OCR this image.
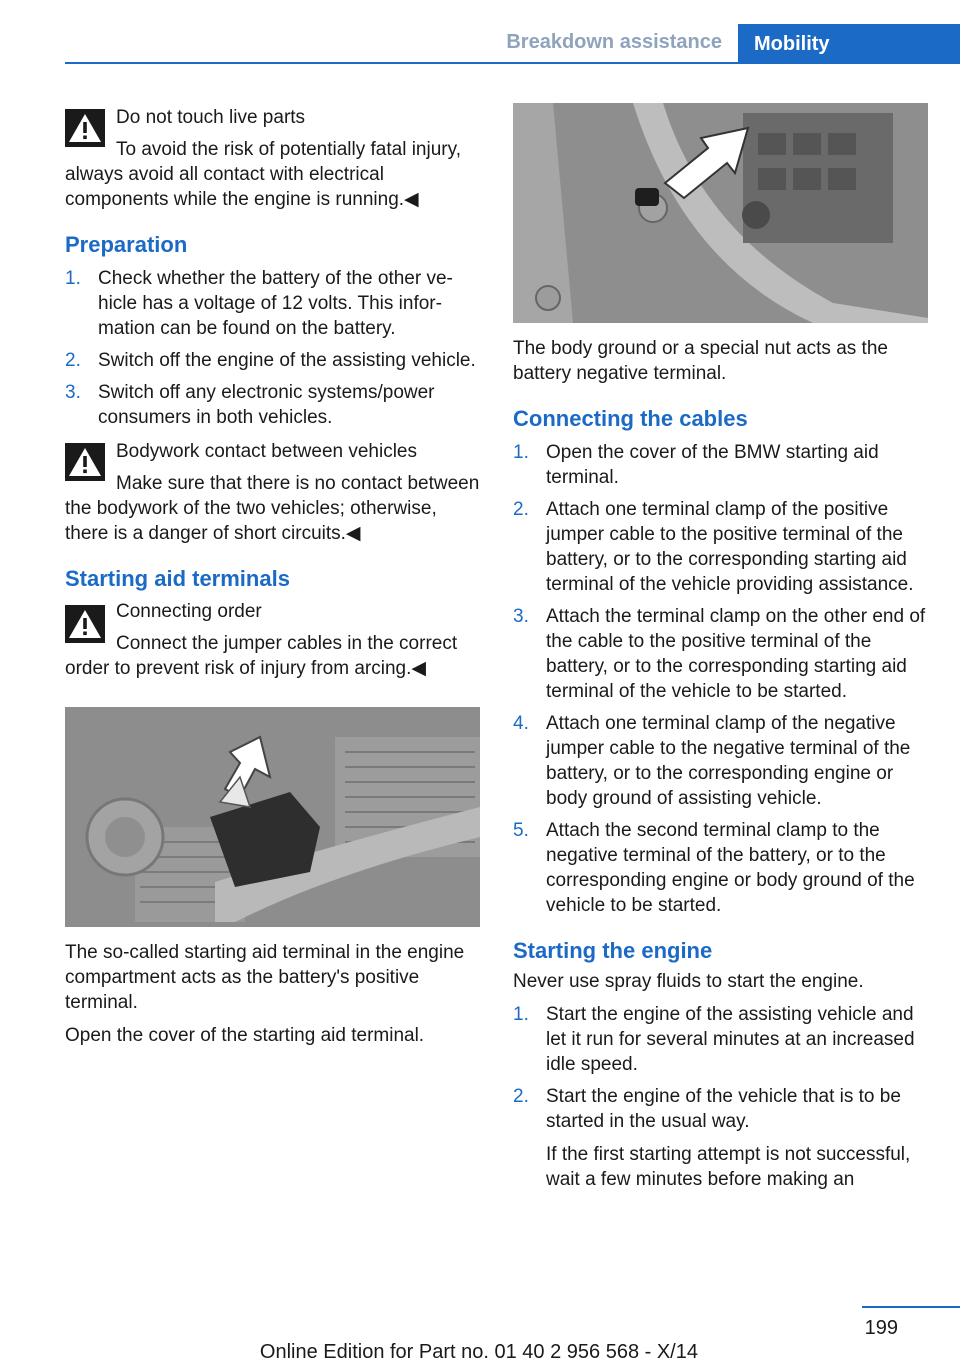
Breakdown assistance	Mobility

Do not touch live parts

To avoid the risk of potentially fatal injury, always avoid all contact with electrical components while the engine is running.◀

Preparation
1. Check whether the battery of the other vehicle has a voltage of 12 volts. This information can be found on the battery.
2. Switch off the engine of the assisting vehicle.
3. Switch off any electronic systems/power consumers in both vehicles.

Bodywork contact between vehicles

Make sure that there is no contact between the bodywork of the two vehicles; otherwise, there is a danger of short circuits.◀

Starting aid terminals

Connecting order

Connect the jumper cables in the correct order to prevent risk of injury from arcing.◀

The so-called starting aid terminal in the engine compartment acts as the battery's positive terminal.

Open the cover of the starting aid terminal.

The body ground or a special nut acts as the battery negative terminal.

Connecting the cables
1. Open the cover of the BMW starting aid terminal.
2. Attach one terminal clamp of the positive jumper cable to the positive terminal of the battery, or to the corresponding starting aid terminal of the vehicle providing assistance.
3. Attach the terminal clamp on the other end of the cable to the positive terminal of the battery, or to the corresponding starting aid terminal of the vehicle to be started.
4. Attach one terminal clamp of the negative jumper cable to the negative terminal of the battery, or to the corresponding engine or body ground of assisting vehicle.
5. Attach the second terminal clamp to the negative terminal of the battery, or to the corresponding engine or body ground of the vehicle to be started.
Starting the engine

Never use spray fluids to start the engine.

1. Start the engine of the assisting vehicle and let it run for several minutes at an increased idle speed.
2. Start the engine of the vehicle that is to be started in the usual way.

If the first starting attempt is not successful, wait a few minutes before making an

199
Online Edition for Part no. 01 40 2 956 568 - X/14
